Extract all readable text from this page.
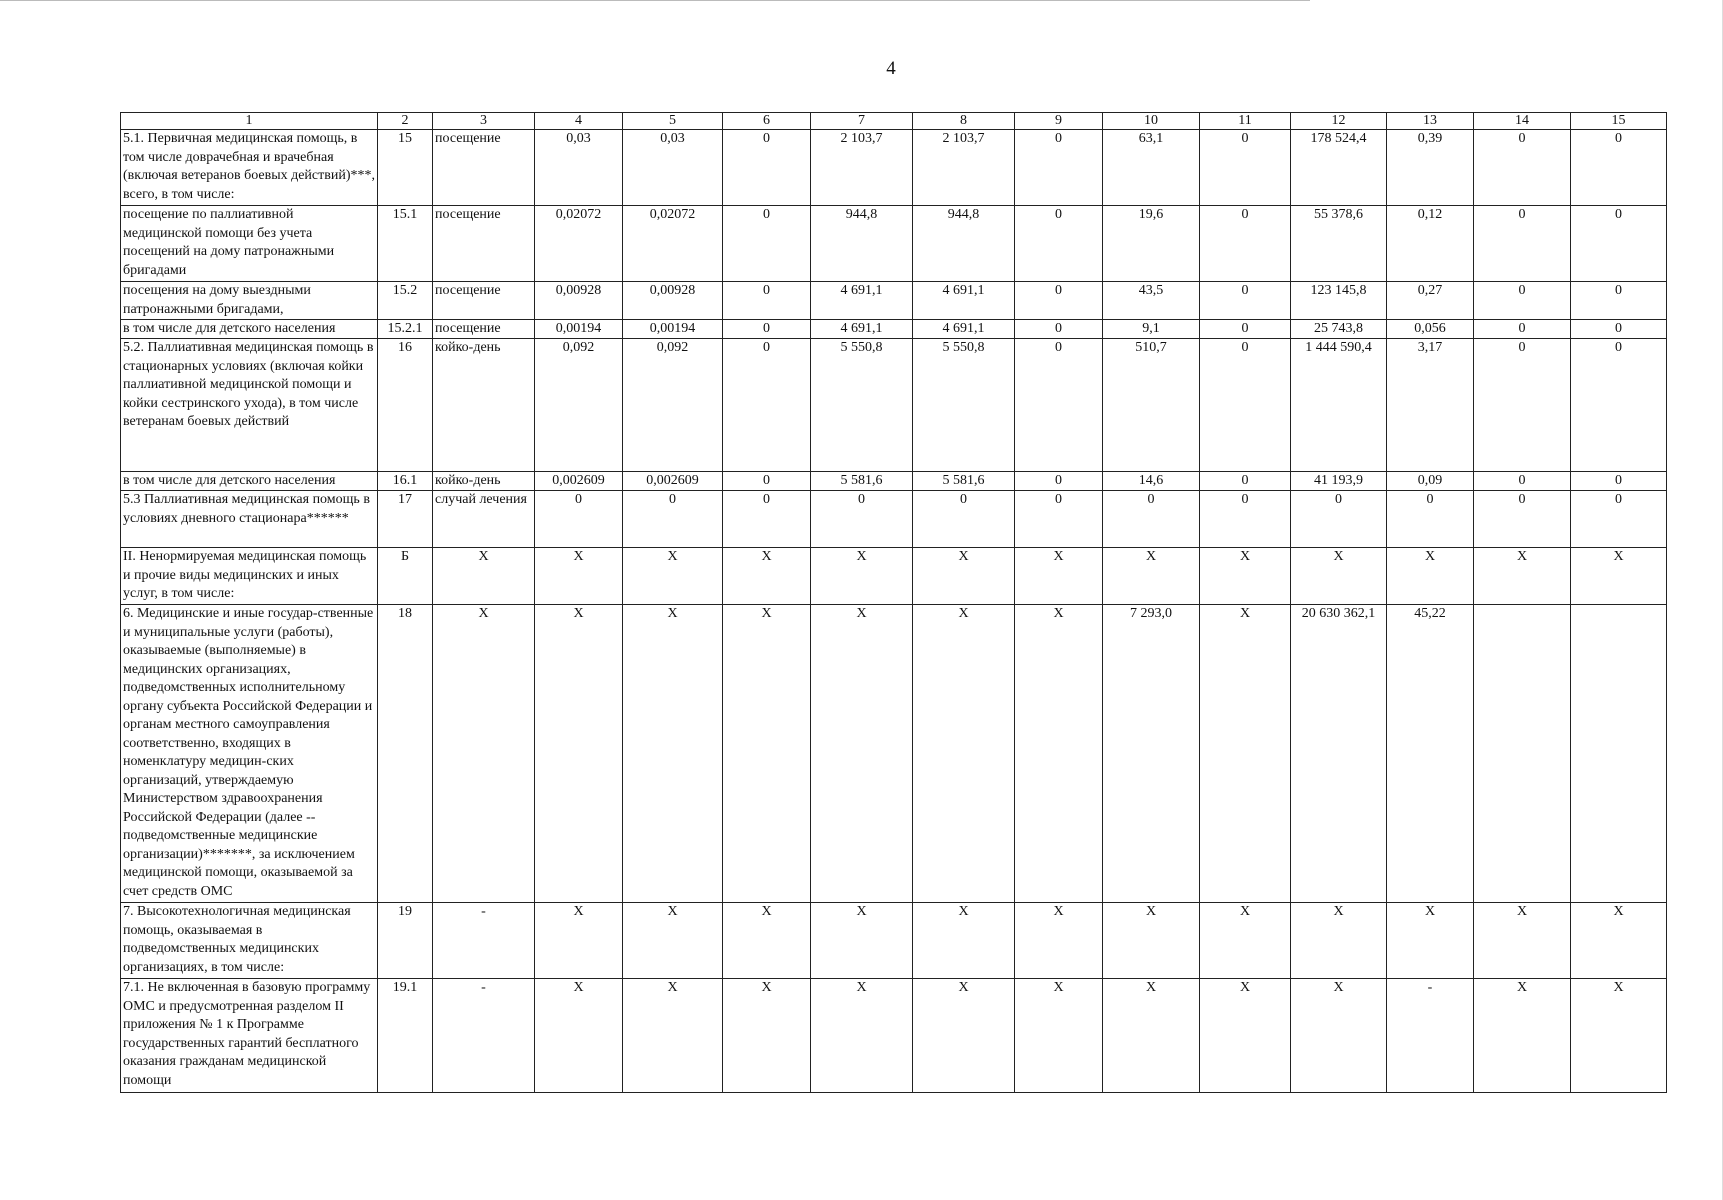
4
1	2	3	4	5	6	7	8	9	10	11	12	13	14	15
5.1. Первичная медицинская помощь, в том числе доврачебная и врачебная (включая ветеранов боевых действий)***, всего, в том числе:	15	посещение	0,03	0,03	0	2 103,7	2 103,7	0	63,1	0	178 524,4	0,39	0	0
посещение по паллиативной медицинской помощи без учета посещений на дому патронажными бригадами	15.1	посещение	0,02072	0,02072	0	944,8	944,8	0	19,6	0	55 378,6	0,12	0	0
посещения на дому выездными патронажными бригадами,	15.2	посещение	0,00928	0,00928	0	4 691,1	4 691,1	0	43,5	0	123 145,8	0,27	0	0
в том числе для детского населения	15.2.1	посещение	0,00194	0,00194	0	4 691,1	4 691,1	0	9,1	0	25 743,8	0,056	0	0
5.2. Паллиативная медицинская помощь в стационарных условиях (включая койки паллиативной медицинской помощи и койки сестринского ухода), в том числе ветеранам боевых действий	16	койко-день	0,092	0,092	0	5 550,8	5 550,8	0	510,7	0	1 444 590,4	3,17	0	0
в том числе для детского населения	16.1	койко-день	0,002609	0,002609	0	5 581,6	5 581,6	0	14,6	0	41 193,9	0,09	0	0
5.3 Паллиативная медицинская помощь в условиях дневного стационара******	17	случай лечения	0	0	0	0	0	0	0	0	0	0	0	0
II. Ненормируемая медицинская помощь и прочие виды медицинских и иных услуг, в том числе:	Б	Х	Х	Х	Х	Х	Х	Х	Х	Х	Х	Х	Х	Х
6. Медицинские и иные государ-ственные и муниципальные услуги (работы), оказываемые (выполняемые) в медицинских организациях, подведомственных исполнительному органу субъекта Российской Федерации и органам местного самоуправления соответственно, входящих в номенклатуру медицин-ских организаций, утверждаемую Министерством здравоохранения Российской Федерации (далее -- подведомственные медицинские организации)*******, за исключением медицинской помощи, оказываемой за счет средств ОМС	18	Х	Х	Х	Х	Х	Х	Х	7 293,0	Х	20 630 362,1	45,22		
7. Высокотехнологичная медицинская помощь, оказываемая в подведомственных медицинских организациях, в том числе:	19	-	Х	Х	Х	Х	Х	Х	Х	Х	Х	Х	Х	Х
7.1. Не включенная в базовую программу ОМС и предусмотренная разделом II приложения № 1 к Программе государственных гарантий бесплатного оказания гражданам медицинской помощи	19.1	-	Х	Х	Х	Х	Х	Х	Х	Х	Х	-	Х	Х
